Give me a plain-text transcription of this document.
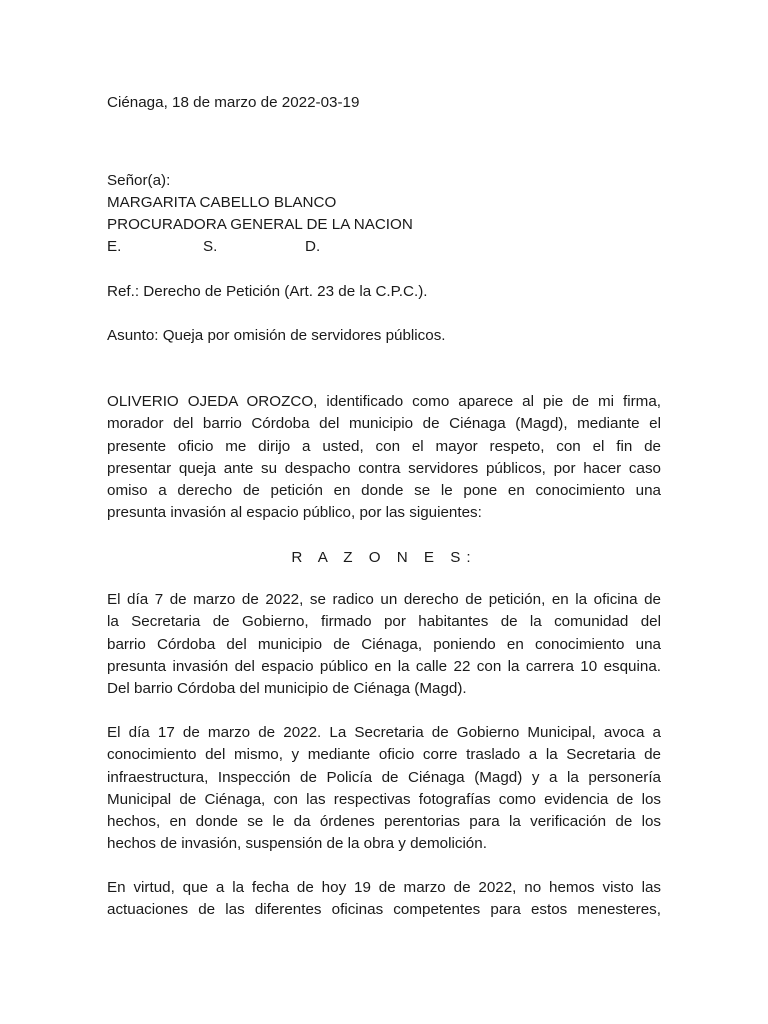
Ciénaga, 18 de marzo de 2022-03-19
Señor(a):
MARGARITA CABELLO BLANCO
PROCURADORA GENERAL DE LA NACION
E.	S.	D.
Ref.: Derecho de Petición (Art. 23 de la C.P.C.).
Asunto: Queja por omisión de servidores públicos.
OLIVERIO OJEDA OROZCO, identificado como aparece al pie de mi firma,
morador del barrio Córdoba del municipio de Ciénaga (Magd), mediante el
presente oficio me dirijo a usted, con el mayor respeto, con el fin de
presentar queja ante su despacho contra servidores públicos, por hacer caso
omiso a derecho de petición en donde se le pone en conocimiento una
presunta invasión al espacio público, por las siguientes:
R A Z O N E S:
El día 7 de marzo de 2022, se radico un derecho de petición, en la oficina de
la Secretaria de Gobierno, firmado por habitantes de la comunidad del
barrio Córdoba del municipio de Ciénaga, poniendo en conocimiento una
presunta invasión del espacio público en la calle 22 con la carrera 10 esquina.
Del barrio Córdoba del municipio de Ciénaga (Magd).
El día 17 de marzo de 2022. La Secretaria de Gobierno Municipal, avoca a
conocimiento del mismo, y mediante oficio corre traslado a la Secretaria de
infraestructura, Inspección de Policía de Ciénaga (Magd) y a la personería
Municipal de Ciénaga, con las respectivas fotografías como evidencia de los
hechos, en donde se le da órdenes perentorias para la verificación de los
hechos de invasión, suspensión de la obra y demolición.
En virtud, que a la fecha de hoy 19 de marzo de 2022, no hemos visto las
actuaciones de las diferentes oficinas competentes para estos menesteres,
